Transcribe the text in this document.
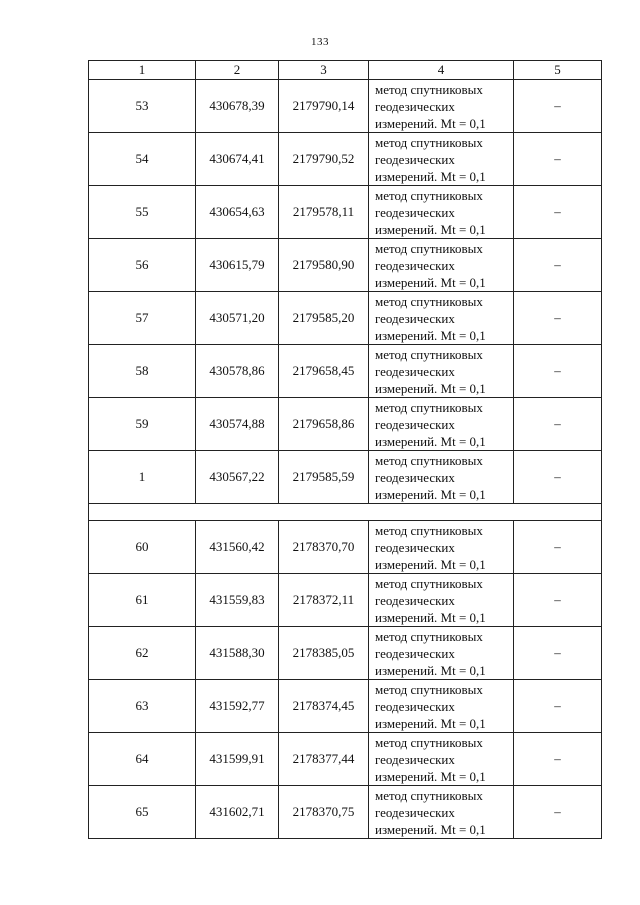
133
1	2	3	4	5
53	430678,39	2179790,14	метод спутниковых
геодезических
измерений. Mt = 0,1	–
54	430674,41	2179790,52	метод спутниковых
геодезических
измерений. Mt = 0,1	–
55	430654,63	2179578,11	метод спутниковых
геодезических
измерений. Mt = 0,1	–
56	430615,79	2179580,90	метод спутниковых
геодезических
измерений. Mt = 0,1	–
57	430571,20	2179585,20	метод спутниковых
геодезических
измерений. Mt = 0,1	–
58	430578,86	2179658,45	метод спутниковых
геодезических
измерений. Mt = 0,1	–
59	430574,88	2179658,86	метод спутниковых
геодезических
измерений. Mt = 0,1	–
1	430567,22	2179585,59	метод спутниковых
геодезических
измерений. Mt = 0,1	–

60	431560,42	2178370,70	метод спутниковых
геодезических
измерений. Mt = 0,1	–
61	431559,83	2178372,11	метод спутниковых
геодезических
измерений. Mt = 0,1	–
62	431588,30	2178385,05	метод спутниковых
геодезических
измерений. Mt = 0,1	–
63	431592,77	2178374,45	метод спутниковых
геодезических
измерений. Mt = 0,1	–
64	431599,91	2178377,44	метод спутниковых
геодезических
измерений. Mt = 0,1	–
65	431602,71	2178370,75	метод спутниковых
геодезических
измерений. Mt = 0,1	–
